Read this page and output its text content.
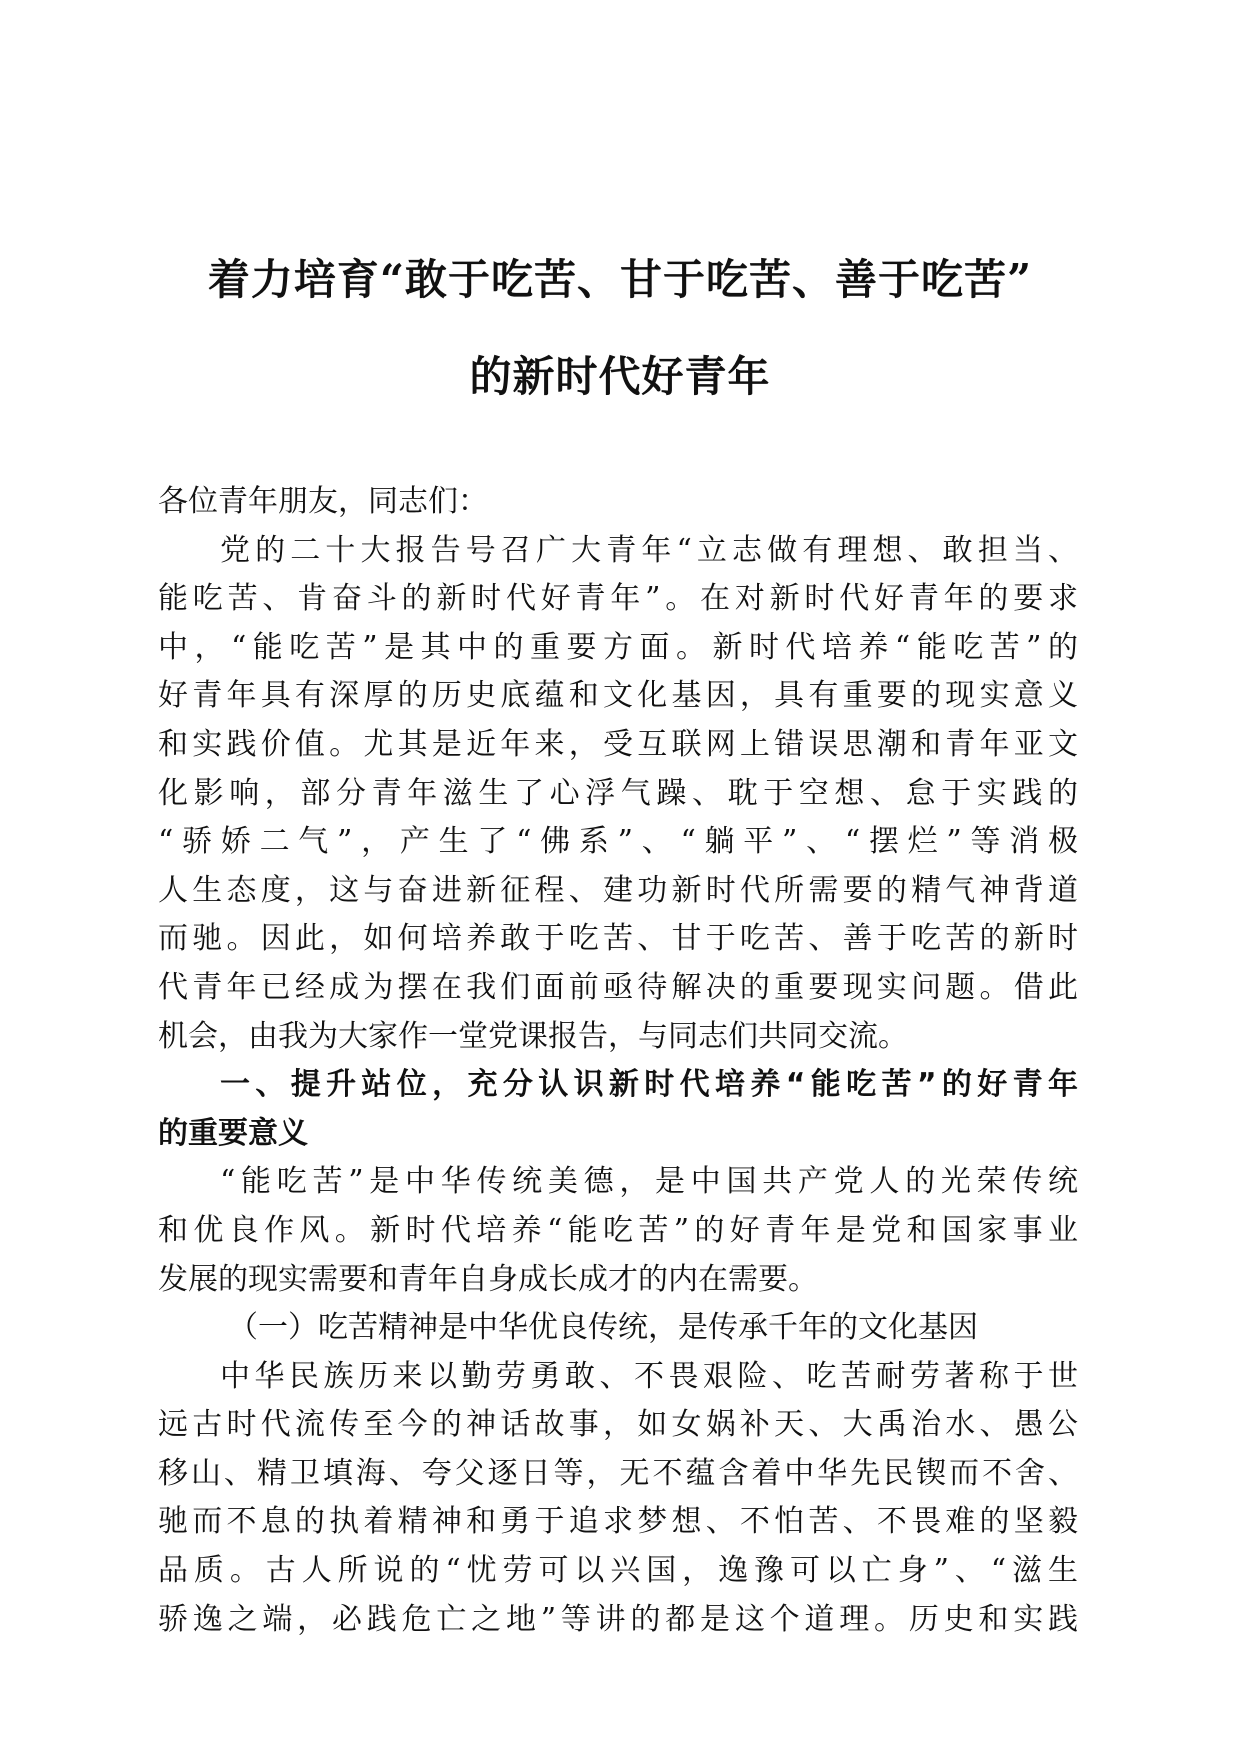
着力培育“敢于吃苦、甘于吃苦、善于吃苦”
的新时代好青年
各位青年朋友，同志们：
党的二十大报告号召广大青年“立志做有理想、敢担当、
能吃苦、肯奋斗的新时代好青年”。在对新时代好青年的要求
中，“能吃苦”是其中的重要方面。新时代培养“能吃苦”的
好青年具有深厚的历史底蕴和文化基因，具有重要的现实意义
和实践价值。尤其是近年来，受互联网上错误思潮和青年亚文
化影响，部分青年滋生了心浮气躁、耽于空想、怠于实践的
“骄娇二气”，产生了“佛系”、“躺平”、“摆烂”等消极
人生态度，这与奋进新征程、建功新时代所需要的精气神背道
而驰。因此，如何培养敢于吃苦、甘于吃苦、善于吃苦的新时
代青年已经成为摆在我们面前亟待解决的重要现实问题。借此
机会，由我为大家作一堂党课报告，与同志们共同交流。
一、提升站位，充分认识新时代培养“能吃苦”的好青年
的重要意义
“能吃苦”是中华传统美德，是中国共产党人的光荣传统
和优良作风。新时代培养“能吃苦”的好青年是党和国家事业
发展的现实需要和青年自身成长成才的内在需要。
（一）吃苦精神是中华优良传统，是传承千年的文化基因
中华民族历来以勤劳勇敢、不畏艰险、吃苦耐劳著称于世
远古时代流传至今的神话故事，如女娲补天、大禹治水、愚公
移山、精卫填海、夸父逐日等，无不蕴含着中华先民锲而不舍、
驰而不息的执着精神和勇于追求梦想、不怕苦、不畏难的坚毅
品质。古人所说的“忧劳可以兴国，逸豫可以亡身”、“滋生
骄逸之端，必践危亡之地”等讲的都是这个道理。历史和实践
